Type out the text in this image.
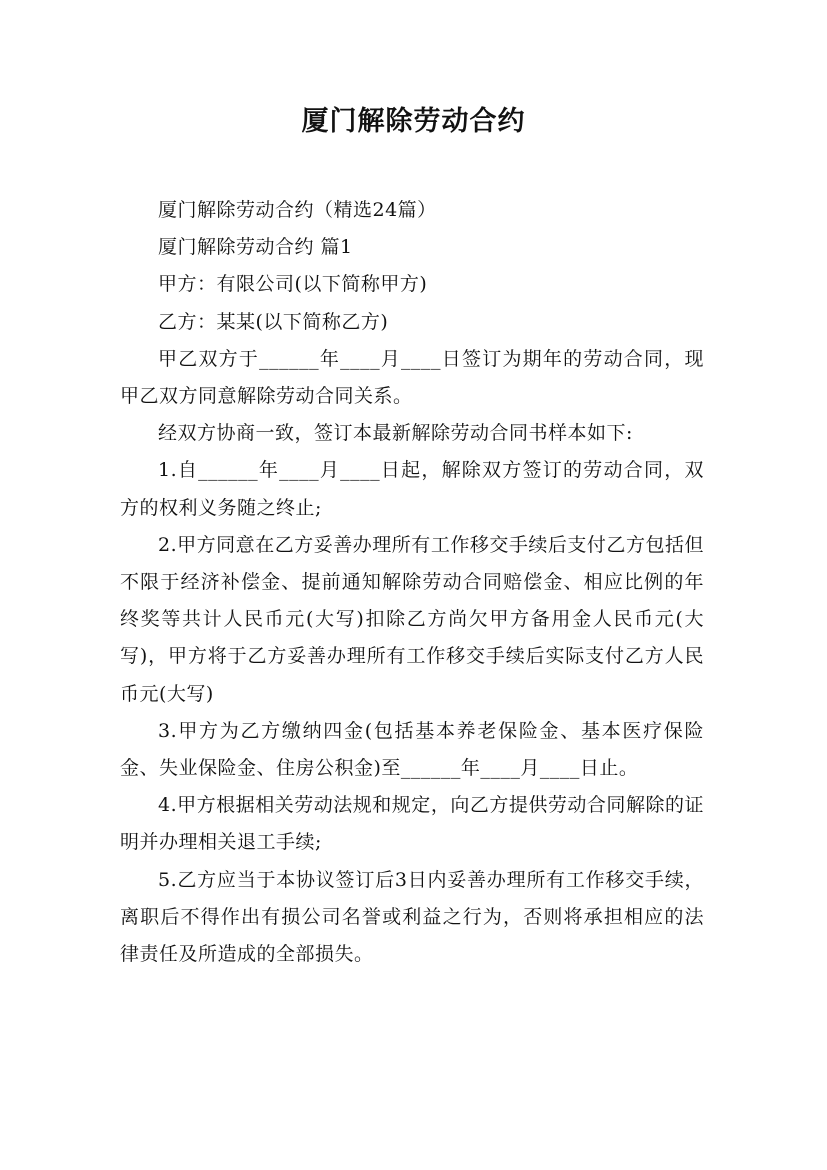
厦门解除劳动合约

厦门解除劳动合约（精选24篇）

厦门解除劳动合约 篇1

甲方：有限公司(以下简称甲方)

乙方：某某(以下简称乙方)

甲乙双方于______年____月____日签订为期年的劳动合同，现甲乙双方同意解除劳动合同关系。

经双方协商一致，签订本最新解除劳动合同书样本如下:

1.自______年____月____日起，解除双方签订的劳动合同，双方的权利义务随之终止;

2.甲方同意在乙方妥善办理所有工作移交手续后支付乙方包括但不限于经济补偿金、提前通知解除劳动合同赔偿金、相应比例的年终奖等共计人民币元(大写)扣除乙方尚欠甲方备用金人民币元(大写)，甲方将于乙方妥善办理所有工作移交手续后实际支付乙方人民币元(大写)

3.甲方为乙方缴纳四金(包括基本养老保险金、基本医疗保险金、失业保险金、住房公积金)至______年____月____日止。

4.甲方根据相关劳动法规和规定，向乙方提供劳动合同解除的证明并办理相关退工手续;

5.乙方应当于本协议签订后3日内妥善办理所有工作移交手续，离职后不得作出有损公司名誉或利益之行为，否则将承担相应的法律责任及所造成的全部损失。
